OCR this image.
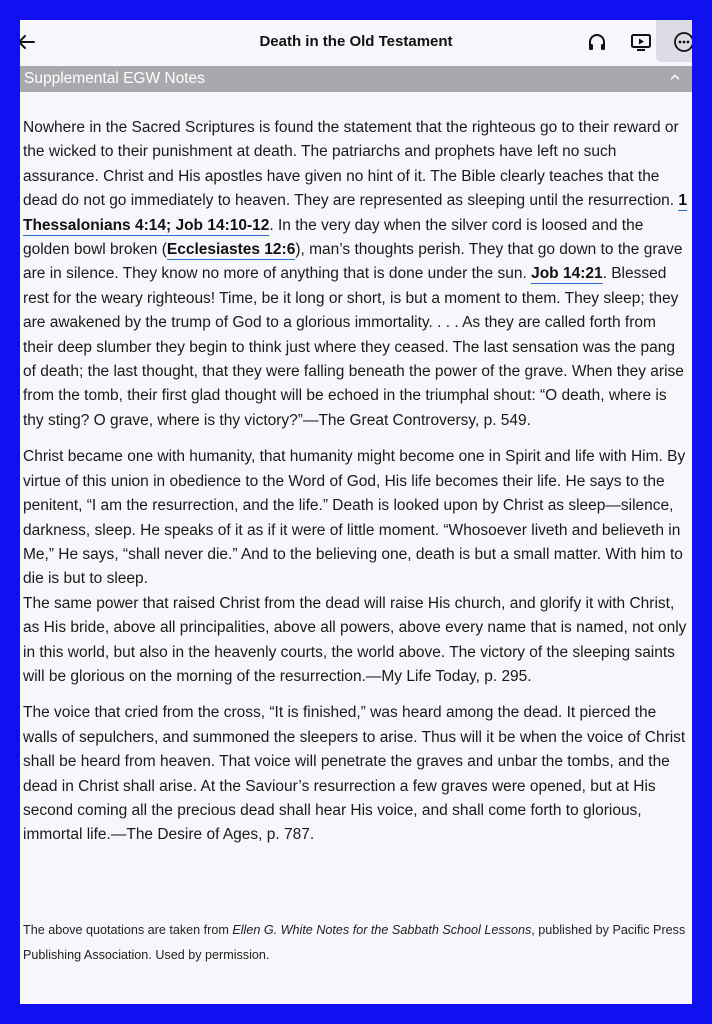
Death in the Old Testament
Supplemental EGW Notes

Nowhere in the Sacred Scriptures is found the statement that the righteous go to their reward or the wicked to their punishment at death. The patriarchs and prophets have left no such assurance. Christ and His apostles have given no hint of it. The Bible clearly teaches that the dead do not go immediately to heaven. They are represented as sleeping until the resurrection. 1 Thessalonians 4:14; Job 14:10-12. In the very day when the silver cord is loosed and the golden bowl broken (Ecclesiastes 12:6), man’s thoughts perish. They that go down to the grave are in silence. They know no more of anything that is done under the sun. Job 14:21. Blessed rest for the weary righteous! Time, be it long or short, is but a moment to them. They sleep; they are awakened by the trump of God to a glorious immortality. . . . As they are called forth from their deep slumber they begin to think just where they ceased. The last sensation was the pang of death; the last thought, that they were falling beneath the power of the grave. When they arise from the tomb, their first glad thought will be echoed in the triumphal shout: “O death, where is thy sting? O grave, where is thy victory?”—The Great Controversy, p. 549.

Christ became one with humanity, that humanity might become one in Spirit and life with Him. By virtue of this union in obedience to the Word of God, His life becomes their life. He says to the penitent, “I am the resurrection, and the life.” Death is looked upon by Christ as sleep—silence, darkness, sleep. He speaks of it as if it were of little moment. “Whosoever liveth and believeth in Me,” He says, “shall never die.” And to the believing one, death is but a small matter. With him to die is but to sleep.

The same power that raised Christ from the dead will raise His church, and glorify it with Christ, as His bride, above all principalities, above all powers, above every name that is named, not only in this world, but also in the heavenly courts, the world above. The victory of the sleeping saints will be glorious on the morning of the resurrection.—My Life Today, p. 295.

The voice that cried from the cross, “It is finished,” was heard among the dead. It pierced the walls of sepulchers, and summoned the sleepers to arise. Thus will it be when the voice of Christ shall be heard from heaven. That voice will penetrate the graves and unbar the tombs, and the dead in Christ shall arise. At the Saviour’s resurrection a few graves were opened, but at His second coming all the precious dead shall hear His voice, and shall come forth to glorious, immortal life.—The Desire of Ages, p. 787.

The above quotations are taken from Ellen G. White Notes for the Sabbath School Lessons, published by Pacific Press Publishing Association. Used by permission.
